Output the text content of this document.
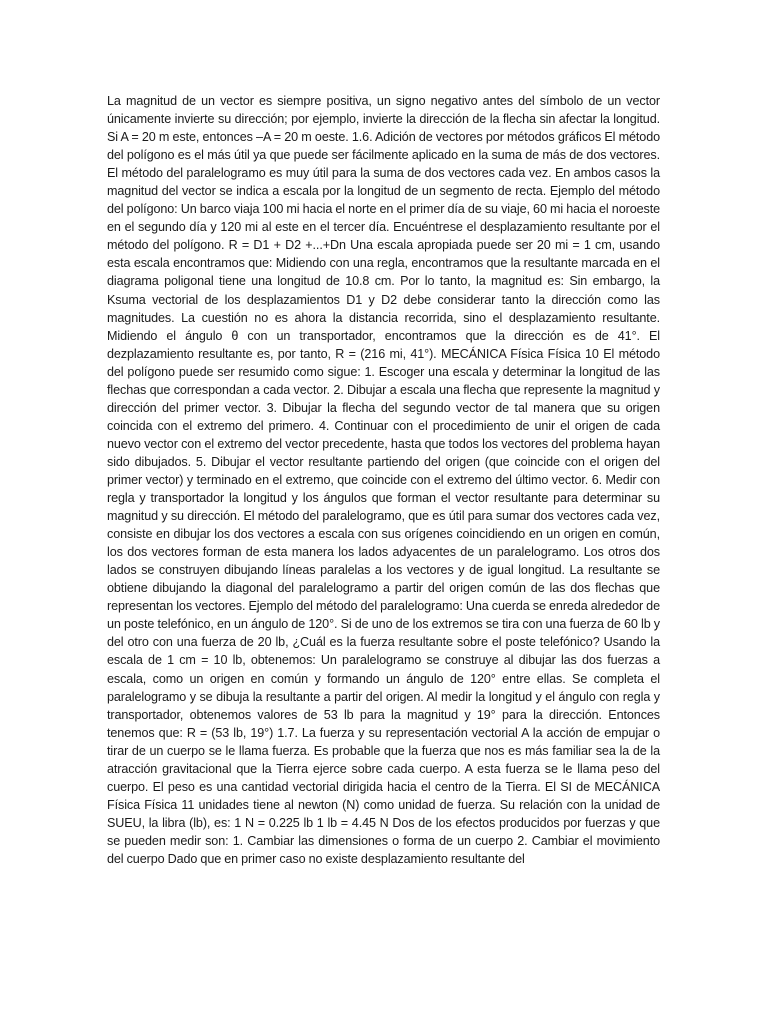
La magnitud de un vector es siempre positiva, un signo negativo antes del símbolo de un vector únicamente invierte su dirección; por ejemplo, invierte la dirección de la flecha sin afectar la longitud. Si A = 20 m este, entonces –A = 20 m oeste. 1.6. Adición de vectores por métodos gráficos El método del polígono es el más útil ya que puede ser fácilmente aplicado en la suma de más de dos vectores. El método del paralelogramo es muy útil para la suma de dos vectores cada vez. En ambos casos la magnitud del vector se indica a escala por la longitud de un segmento de recta. Ejemplo del método del polígono: Un barco viaja 100 mi hacia el norte en el primer día de su viaje, 60 mi hacia el noroeste en el segundo día y 120 mi al este en el tercer día. Encuéntrese el desplazamiento resultante por el método del polígono. R = D1 + D2 +...+Dn Una escala apropiada puede ser 20 mi = 1 cm, usando esta escala encontramos que: Midiendo con una regla, encontramos que la resultante marcada en el diagrama poligonal tiene una longitud de 10.8 cm. Por lo tanto, la magnitud es: Sin embargo, la Ksuma vectorial de los desplazamientos D1 y D2 debe considerar tanto la dirección como las magnitudes. La cuestión no es ahora la distancia recorrida, sino el desplazamiento resultante. Midiendo el ángulo θ con un transportador, encontramos que la dirección es de 41°. El dezplazamiento resultante es, por tanto, R = (216 mi, 41°). MECÁNICA Física Física 10 El método del polígono puede ser resumido como sigue: 1. Escoger una escala y determinar la longitud de las flechas que correspondan a cada vector. 2. Dibujar a escala una flecha que represente la magnitud y dirección del primer vector. 3. Dibujar la flecha del segundo vector de tal manera que su origen coincida con el extremo del primero. 4. Continuar con el procedimiento de unir el origen de cada nuevo vector con el extremo del vector precedente, hasta que todos los vectores del problema hayan sido dibujados. 5. Dibujar el vector resultante partiendo del origen (que coincide con el origen del primer vector) y terminado en el extremo, que coincide con el extremo del último vector. 6. Medir con regla y transportador la longitud y los ángulos que forman el vector resultante para determinar su magnitud y su dirección. El método del paralelogramo, que es útil para sumar dos vectores cada vez, consiste en dibujar los dos vectores a escala con sus orígenes coincidiendo en un origen en común, los dos vectores forman de esta manera los lados adyacentes de un paralelogramo. Los otros dos lados se construyen dibujando líneas paralelas a los vectores y de igual longitud. La resultante se obtiene dibujando la diagonal del paralelogramo a partir del origen común de las dos flechas que representan los vectores. Ejemplo del método del paralelogramo: Una cuerda se enreda alrededor de un poste telefónico, en un ángulo de 120°. Si de uno de los extremos se tira con una fuerza de 60 lb y del otro con una fuerza de 20 lb, ¿Cuál es la fuerza resultante sobre el poste telefónico? Usando la escala de 1 cm = 10 lb, obtenemos: Un paralelogramo se construye al dibujar las dos fuerzas a escala, como un origen en común y formando un ángulo de 120° entre ellas. Se completa el paralelogramo y se dibuja la resultante a partir del origen. Al medir la longitud y el ángulo con regla y transportador, obtenemos valores de 53 lb para la magnitud y 19° para la dirección. Entonces tenemos que: R = (53 lb, 19°) 1.7. La fuerza y su representación vectorial A la acción de empujar o tirar de un cuerpo se le llama fuerza. Es probable que la fuerza que nos es más familiar sea la de la atracción gravitacional que la Tierra ejerce sobre cada cuerpo. A esta fuerza se le llama peso del cuerpo. El peso es una cantidad vectorial dirigida hacia el centro de la Tierra. El SI de MECÁNICA Física Física 11 unidades tiene al newton (N) como unidad de fuerza. Su relación con la unidad de SUEU, la libra (lb), es: 1 N = 0.225 lb 1 lb = 4.45 N Dos de los efectos producidos por fuerzas y que se pueden medir son: 1. Cambiar las dimensiones o forma de un cuerpo 2. Cambiar el movimiento del cuerpo Dado que en primer caso no existe desplazamiento resultante del
